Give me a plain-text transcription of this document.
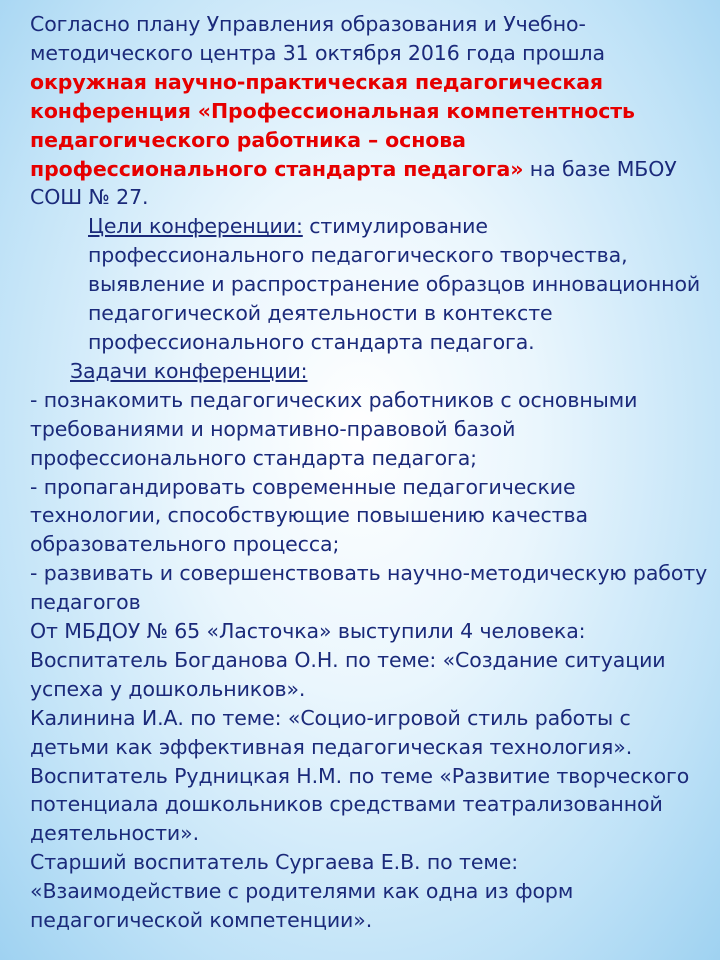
Согласно плану Управления образования и Учебно-методического центра 31 октября 2016 года прошла окружная научно-практическая педагогическая конференция «Профессиональная компетентность педагогического работника – основа профессионального стандарта педагога» на базе МБОУ СОШ № 27.

Цели конференции: стимулирование профессионального педагогического творчества, выявление и распространение образцов инновационной педагогической деятельности в контексте профессионального стандарта педагога.

Задачи конференции:

- познакомить педагогических работников с основными требованиями и нормативно-правовой базой профессионального стандарта педагога;

- пропагандировать современные педагогические технологии, способствующие повышению качества образовательного процесса;

- развивать и совершенствовать научно-методическую работу педагогов

От МБДОУ № 65 «Ласточка» выступили 4 человека:

Воспитатель Богданова О.Н. по теме: «Создание ситуации успеха у дошкольников».

Калинина И.А. по теме: «Социо-игровой стиль работы с детьми как эффективная педагогическая технология».

Воспитатель Рудницкая Н.М. по теме «Развитие творческого потенциала дошкольников средствами театрализованной деятельности».

Старший воспитатель Сургаева Е.В. по теме: «Взаимодействие с родителями как одна из форм педагогической компетенции».
